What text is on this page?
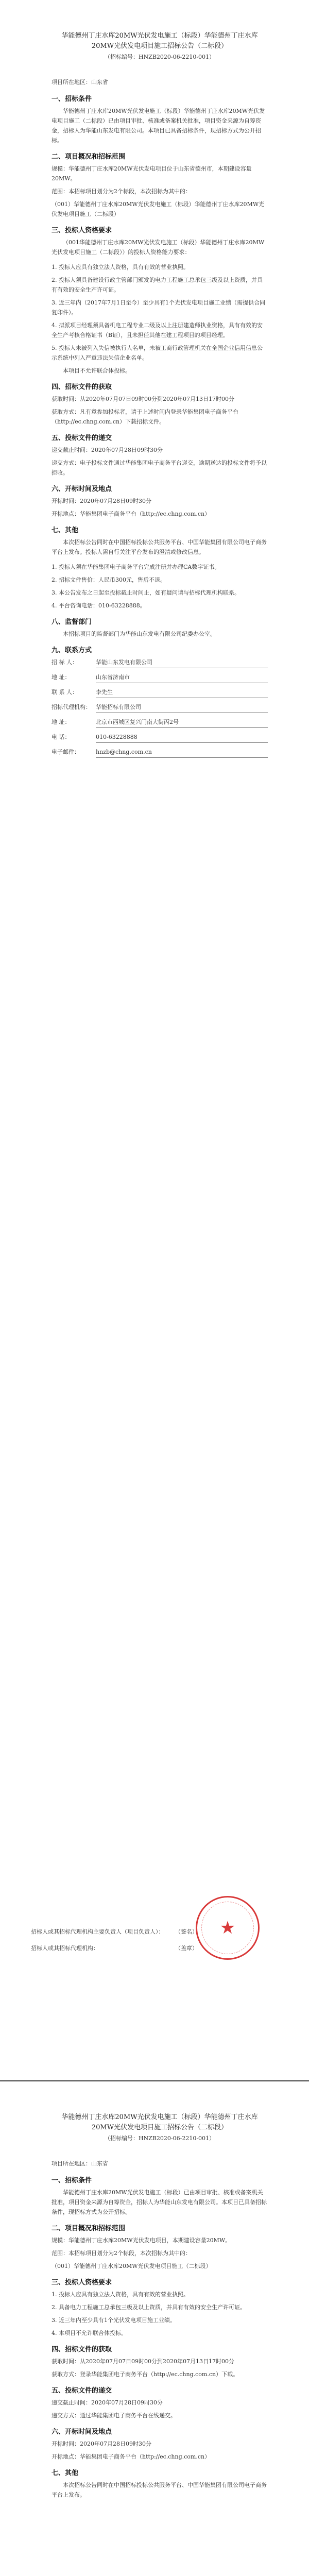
华能德州丁庄水库20MW光伏发电施工（标段）华能德州丁庄水库20MW光伏发电项目施工招标公告（二标段）
（招标编号：HNZB2020-06-2210-001）
项目所在地区：山东省
一、招标条件

华能德州丁庄水库20MW光伏发电施工（标段）华能德州丁庄水库20MW光伏发电项目施工（二标段）已由项目审批、核准或备案机关批准，项目资金来源为自筹资金，招标人为华能山东发电有限公司。本项目已具备招标条件，现招标方式为公开招标。

二、项目概况和招标范围

规模：华能德州丁庄水库20MW光伏发电项目位于山东省德州市，本期建设容量20MW。

范围：本招标项目划分为2个标段，本次招标为其中的：

（001）华能德州丁庄水库20MW光伏发电施工（标段）华能德州丁庄水库20MW光伏发电项目施工（二标段）

三、投标人资格要求

（001华能德州丁庄水库20MW光伏发电施工（标段）华能德州丁庄水库20MW光伏发电项目施工（二标段））的投标人资格能力要求：

1. 投标人应具有独立法人资格，具有有效的营业执照。

2. 投标人须具备建设行政主管部门颁发的电力工程施工总承包三级及以上资质，并具有有效的安全生产许可证。

3. 近三年内（2017年7月1日至今）至少具有1个光伏发电项目施工业绩（需提供合同复印件）。

4. 拟派项目经理须具备机电工程专业二级及以上注册建造师执业资格，具有有效的安全生产考核合格证书（B证），且未担任其他在建工程项目的项目经理。

5. 投标人未被列入失信被执行人名单，未被工商行政管理机关在全国企业信用信息公示系统中列入严重违法失信企业名单。

本项目不允许联合体投标。

四、招标文件的获取

获取时间：从2020年07月07日09时00分到2020年07月13日17时00分

获取方式：凡有意参加投标者，请于上述时间内登录华能集团电子商务平台（http://ec.chng.com.cn）下载招标文件。

五、投标文件的递交

递交截止时间：2020年07月28日09时30分

递交方式：电子投标文件通过华能集团电子商务平台递交，逾期送达的投标文件将予以拒收。

六、开标时间及地点

开标时间：2020年07月28日09时30分

开标地点：华能集团电子商务平台（http://ec.chng.com.cn）

七、其他

本次招标公告同时在中国招标投标公共服务平台、中国华能集团有限公司电子商务平台上发布。投标人需自行关注平台发布的澄清或修改信息。

1. 投标人须在华能集团电子商务平台完成注册并办理CA数字证书。

2. 招标文件售价：人民币300元，售后不退。

3. 本公告发布之日起至投标截止时间止，如有疑问请与招标代理机构联系。

4. 平台咨询电话：010-63228888。

八、监督部门

本招标项目的监督部门为华能山东发电有限公司纪委办公室。

九、联系方式
招 标 人：	华能山东发电有限公司
地 址：	山东省济南市
联 系 人：	李先生
招标代理机构： 华能招标有限公司
地 址：	北京市西城区复兴门南大街丙2号
电 话：	010-63228888
电子邮件：	hnzb@chng.com.cn
招标人或其招标代理机构主要负责人（项目负责人）：	（签名）
招标人或其招标代理机构：	（盖章）
★
华能德州丁庄水库20MW光伏发电施工（标段）华能德州丁庄水库20MW光伏发电项目施工招标公告（二标段）
（招标编号：HNZB2020-06-2210-001）
项目所在地区：山东省
一、招标条件

华能德州丁庄水库20MW光伏发电施工（标段）已由项目审批、核准或备案机关批准，项目资金来源为自筹资金，招标人为华能山东发电有限公司。本项目已具备招标条件，现招标方式为公开招标。

二、项目概况和招标范围

规模：华能德州丁庄水库20MW光伏发电项目，本期建设容量20MW。

范围：本招标项目划分为2个标段，本次招标为其中的：

（001）华能德州丁庄水库20MW光伏发电项目施工（二标段）

三、投标人资格要求

1. 投标人应具有独立法人资格，具有有效的营业执照。

2. 具备电力工程施工总承包三级及以上资质，并具有有效的安全生产许可证。

3. 近三年内至少具有1个光伏发电项目施工业绩。

4. 本项目不允许联合体投标。

四、招标文件的获取

获取时间：从2020年07月07日09时00分到2020年07月13日17时00分

获取方式：登录华能集团电子商务平台（http://ec.chng.com.cn）下载。

五、投标文件的递交

递交截止时间：2020年07月28日09时30分

递交方式：通过华能集团电子商务平台在线递交。

六、开标时间及地点

开标时间：2020年07月28日09时30分

开标地点：华能集团电子商务平台（http://ec.chng.com.cn）

七、其他

本次招标公告同时在中国招标投标公共服务平台、中国华能集团有限公司电子商务平台上发布。
